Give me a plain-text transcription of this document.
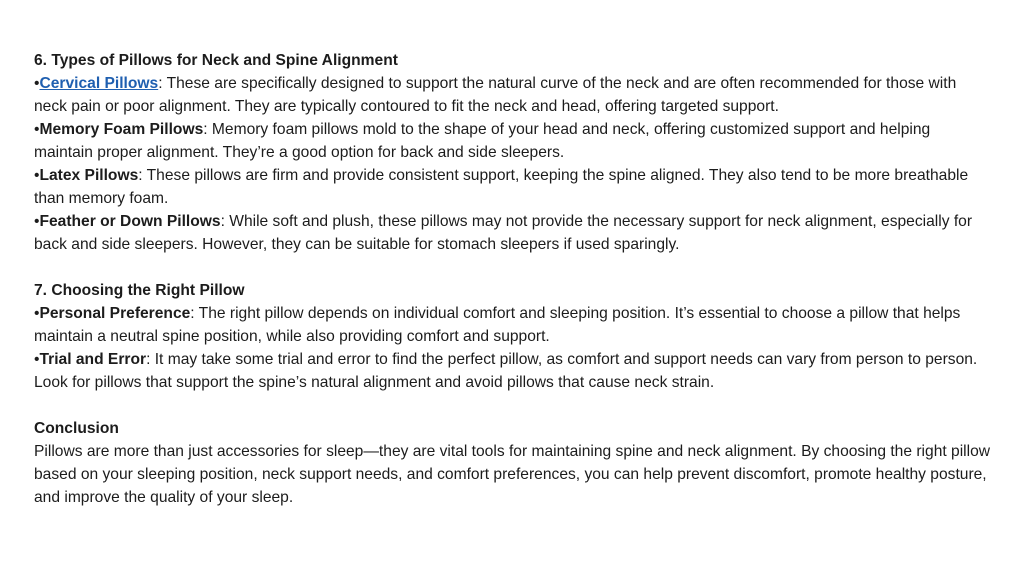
6. Types of Pillows for Neck and Spine Alignment

•Cervical Pillows: These are specifically designed to support the natural curve of the neck and are often recommended for those with neck pain or poor alignment. They are typically contoured to fit the neck and head, offering targeted support.

•Memory Foam Pillows: Memory foam pillows mold to the shape of your head and neck, offering customized support and helping maintain proper alignment. They’re a good option for back and side sleepers.

•Latex Pillows: These pillows are firm and provide consistent support, keeping the spine aligned. They also tend to be more breathable than memory foam.

•Feather or Down Pillows: While soft and plush, these pillows may not provide the necessary support for neck alignment, especially for back and side sleepers. However, they can be suitable for stomach sleepers if used sparingly.

7. Choosing the Right Pillow

•Personal Preference: The right pillow depends on individual comfort and sleeping position. It’s essential to choose a pillow that helps maintain a neutral spine position, while also providing comfort and support.

•Trial and Error: It may take some trial and error to find the perfect pillow, as comfort and support needs can vary from person to person. Look for pillows that support the spine’s natural alignment and avoid pillows that cause neck strain.

Conclusion

Pillows are more than just accessories for sleep—they are vital tools for maintaining spine and neck alignment. By choosing the right pillow based on your sleeping position, neck support needs, and comfort preferences, you can help prevent discomfort, promote healthy posture, and improve the quality of your sleep.
